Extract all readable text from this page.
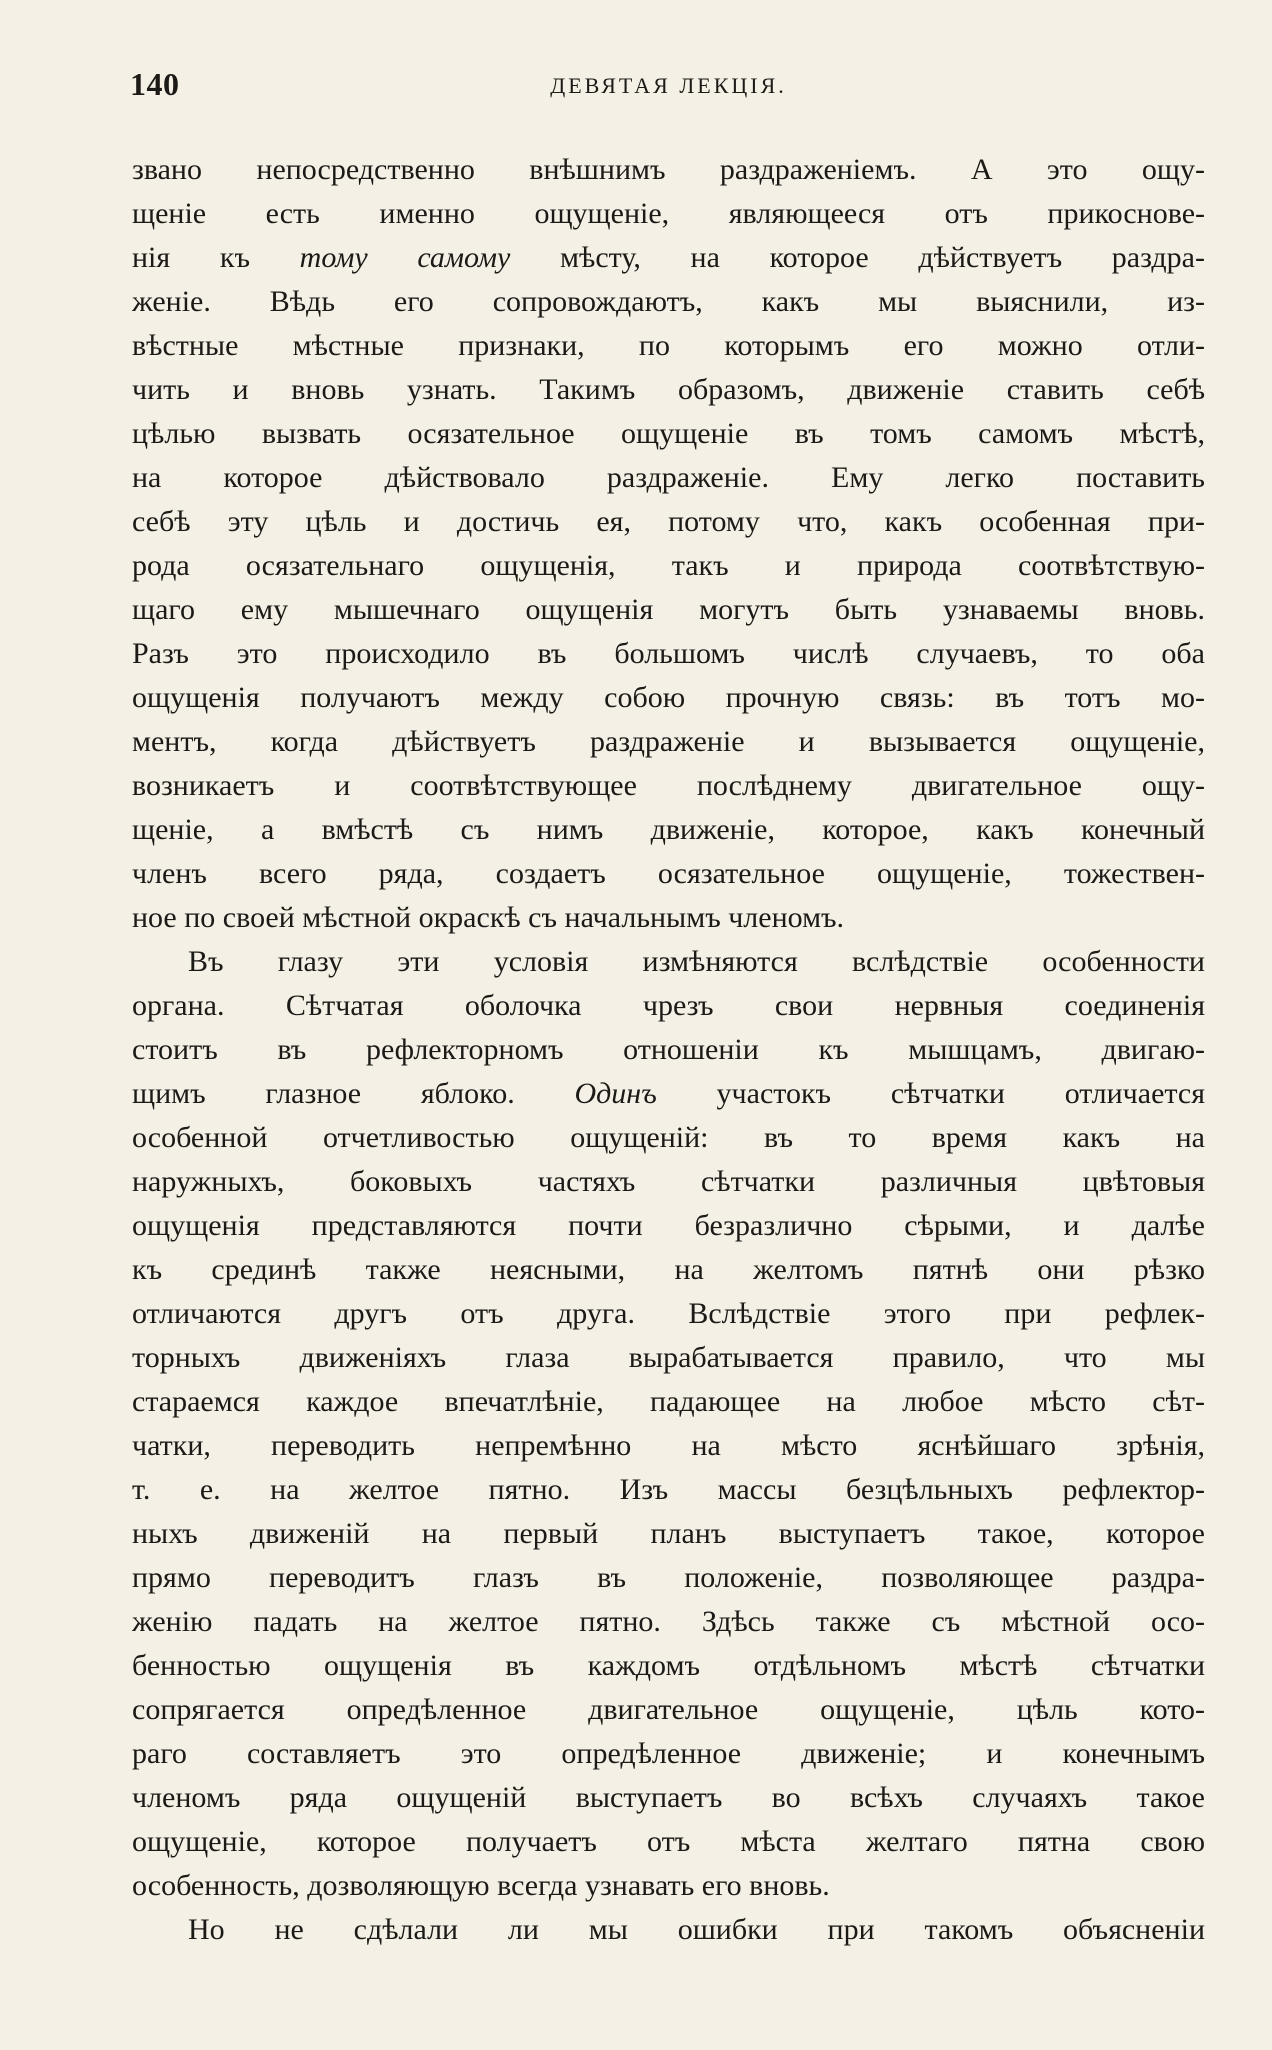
140	ДЕВЯТАЯ ЛЕКЦІЯ.
звано непосредственно внѣшнимъ раздраженіемъ. А это ощу-
щеніе есть именно ощущеніе, являющееся отъ прикоснове-
нія къ тому самому мѣсту, на которое дѣйствуетъ раздра-
женіе. Вѣдь его сопровождаютъ, какъ мы выяснили, из-
вѣстные мѣстные признаки, по которымъ его можно отли-
чить и вновь узнать. Такимъ образомъ, движеніе ставить себѣ
цѣлью вызвать осязательное ощущеніе въ томъ самомъ мѣстѣ,
на которое дѣйствовало раздраженіе. Ему легко поставить
себѣ эту цѣль и достичь ея, потому что, какъ особенная при-
рода осязательнаго ощущенія, такъ и природа соотвѣтствую-
щаго ему мышечнаго ощущенія могутъ быть узнаваемы вновь.
Разъ это происходило въ большомъ числѣ случаевъ, то оба
ощущенія получаютъ между собою прочную связь: въ тотъ мо-
ментъ, когда дѣйствуетъ раздраженіе и вызывается ощущеніе,
возникаетъ и соотвѣтствующее послѣднему двигательное ощу-
щеніе, а вмѣстѣ съ нимъ движеніе, которое, какъ конечный
членъ всего ряда, создаетъ осязательное ощущеніе, тожествен-
ное по своей мѣстной окраскѣ съ начальнымъ членомъ.
Въ глазу эти условія измѣняются вслѣдствіе особенности
органа. Сѣтчатая оболочка чрезъ свои нервныя соединенія
стоитъ въ рефлекторномъ отношеніи къ мышцамъ, двигаю-
щимъ глазное яблоко. Одинъ участокъ сѣтчатки отличается
особенной отчетливостью ощущеній: въ то время какъ на
наружныхъ, боковыхъ частяхъ сѣтчатки различныя цвѣтовыя
ощущенія представляются почти безразлично сѣрыми, и далѣе
къ срединѣ также неясными, на желтомъ пятнѣ они рѣзко
отличаются другъ отъ друга. Вслѣдствіе этого при рефлек-
торныхъ движеніяхъ глаза вырабатывается правило, что мы
стараемся каждое впечатлѣніе, падающее на любое мѣсто сѣт-
чатки, переводить непремѣнно на мѣсто яснѣйшаго зрѣнія,
т. е. на желтое пятно. Изъ массы безцѣльныхъ рефлектор-
ныхъ движеній на первый планъ выступаетъ такое, которое
прямо переводитъ глазъ въ положеніе, позволяющее раздра-
женію падать на желтое пятно. Здѣсь также съ мѣстной осо-
бенностью ощущенія въ каждомъ отдѣльномъ мѣстѣ сѣтчатки
сопрягается опредѣленное двигательное ощущеніе, цѣль кото-
раго составляетъ это опредѣленное движеніе; и конечнымъ
членомъ ряда ощущеній выступаетъ во всѣхъ случаяхъ такое
ощущеніе, которое получаетъ отъ мѣста желтаго пятна свою
особенность, дозволяющую всегда узнавать его вновь.
Но не сдѣлали ли мы ошибки при такомъ объясненіи
